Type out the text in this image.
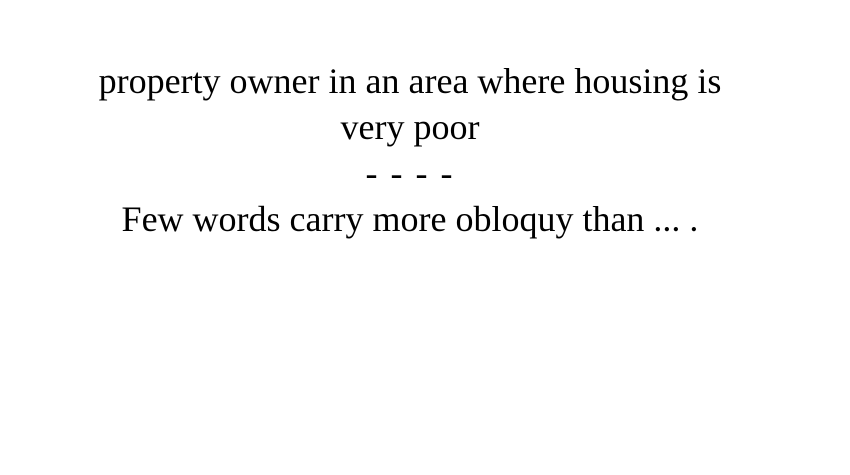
property owner in an area where housing is
very poor
- - - -
Few words carry more obloquy than ... .
